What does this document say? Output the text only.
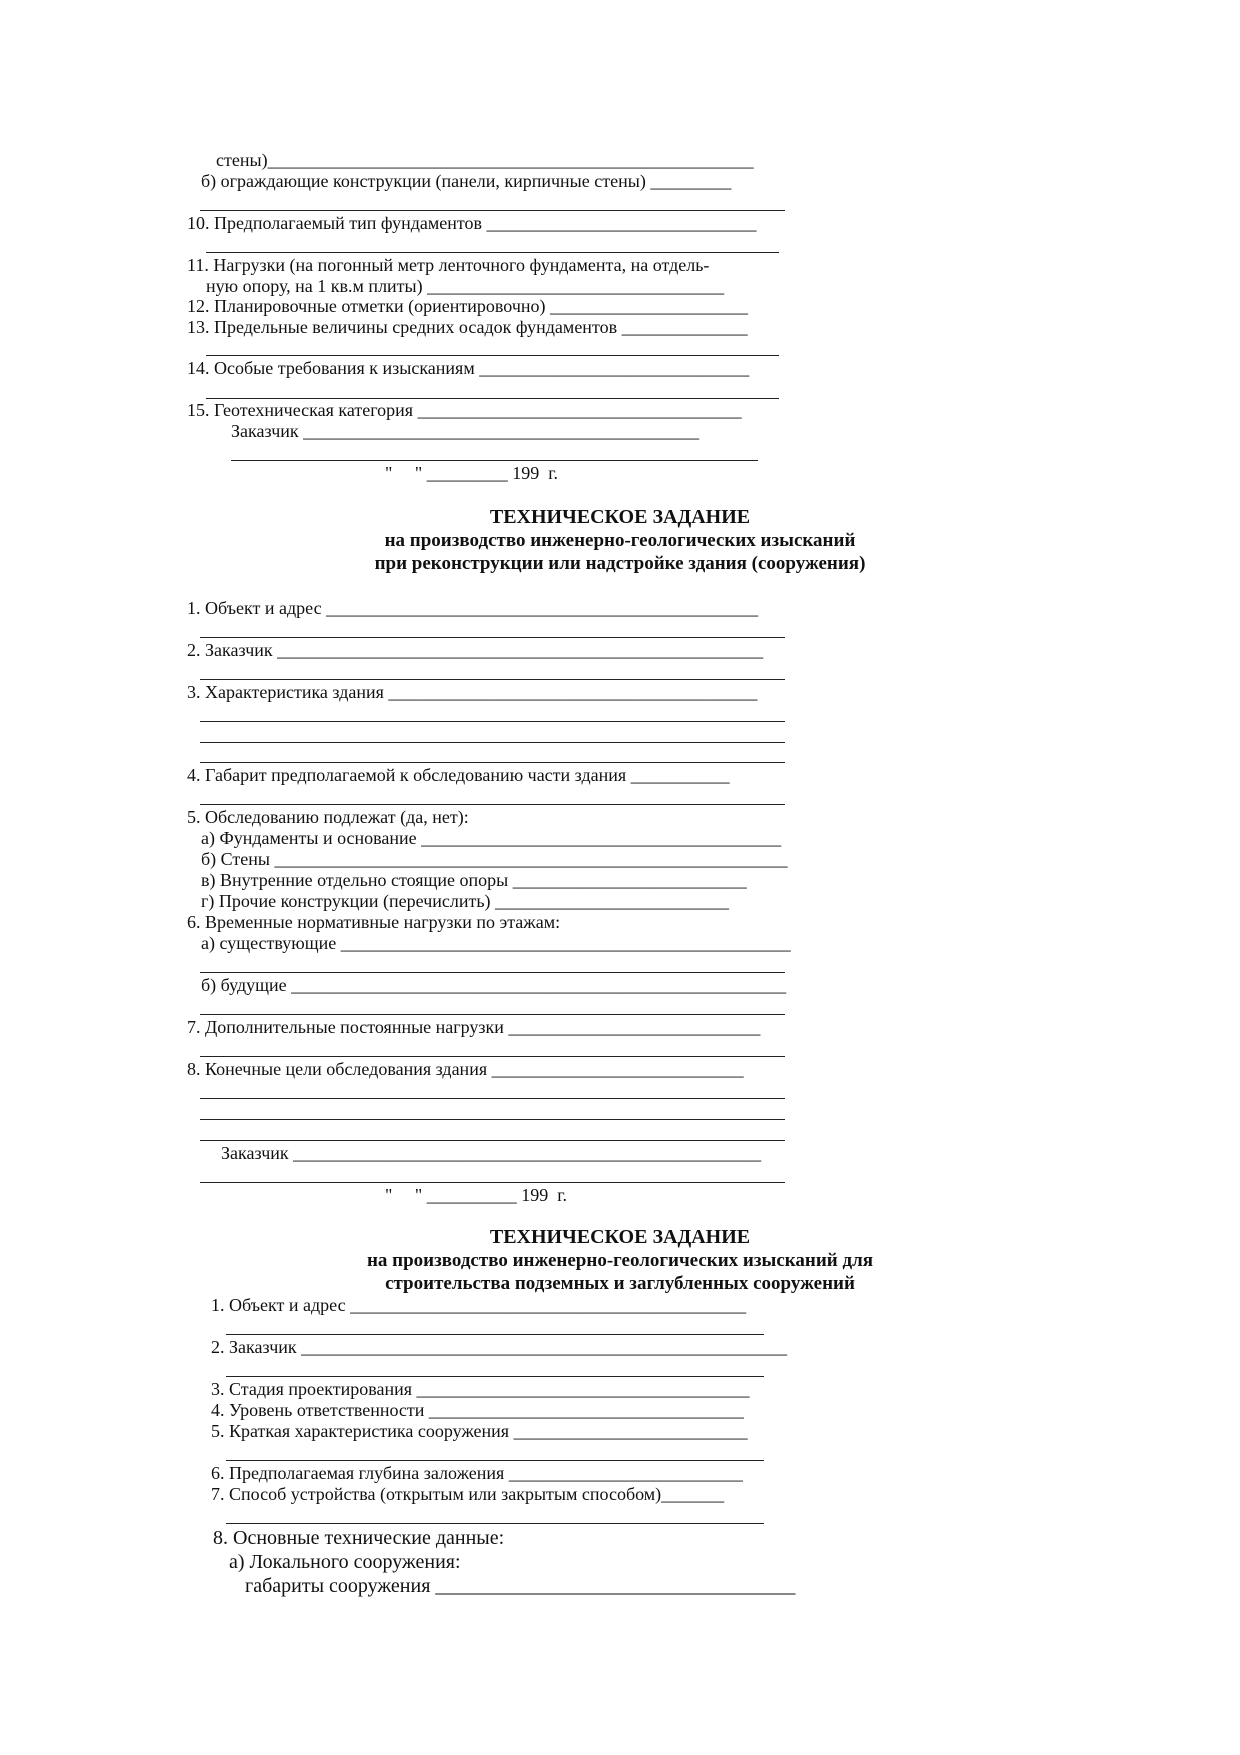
стены)______________________________________________________
б) ограждающие конструкции (панели, кирпичные стены) _________
10. Предполагаемый тип фундаментов ______________________________
11. Нагрузки (на погонный метр ленточного фундамента, на отдель-
ную опору, на 1 кв.м плиты) _________________________________
12. Планировочные отметки (ориентировочно) ______________________
13. Предельные величины средних осадок фундаментов ______________
14. Особые требования к изысканиям ______________________________
15. Геотехническая категория ____________________________________
Заказчик ____________________________________________
"     " _________ 199  г.
ТЕХНИЧЕСКОЕ ЗАДАНИЕ
на производство инженерно-геологических изысканий
при реконструкции или надстройке здания (сооружения)
1. Объект и адрес ________________________________________________
2. Заказчик ______________________________________________________
3. Характеристика здания _________________________________________
4. Габарит предполагаемой к обследованию части здания ___________
5. Обследованию подлежат (да, нет):
а) Фундаменты и основание ________________________________________
б) Стены _________________________________________________________
в) Внутренние отдельно стоящие опоры __________________________
г) Прочие конструкции (перечислить) __________________________
6. Временные нормативные нагрузки по этажам:
а) существующие __________________________________________________
б) будущие _______________________________________________________
7. Дополнительные постоянные нагрузки ____________________________
8. Конечные цели обследования здания ____________________________
Заказчик ____________________________________________________
"     " __________ 199  г.
ТЕХНИЧЕСКОЕ ЗАДАНИЕ
на производство инженерно-геологических изысканий для
строительства подземных и заглубленных сооружений
1. Объект и адрес ____________________________________________
2. Заказчик ______________________________________________________
3. Стадия проектирования _____________________________________
4. Уровень ответственности ___________________________________
5. Краткая характеристика сооружения __________________________
6. Предполагаемая глубина заложения __________________________
7. Способ устройства (открытым или закрытым способом)_______
8. Основные технические данные:
а) Локального сооружения:
габариты сооружения ____________________________________
